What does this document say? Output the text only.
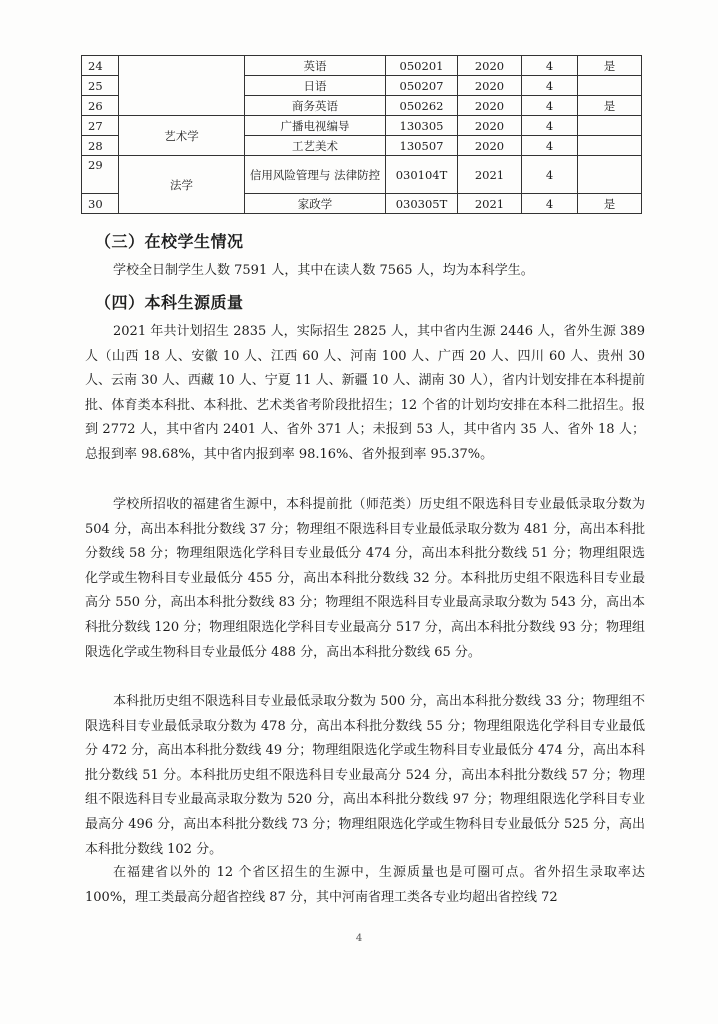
24		英语	050201	2020	4	是
25		日语	050207	2020	4	
26		商务英语	050262	2020	4	是
27	艺术学	广播电视编导	130305	2020	4	
28		工艺美术	130507	2020	4	
29	法学	信用风险管理与 法律防控	030104T	2021	4	
30		家政学	030305T	2021	4	是
（三）在校学生情况

学校全日制学生人数 7591 人，其中在读人数 7565 人，均为本科学生。

（四）本科生源质量

2021 年共计划招生 2835 人，实际招生 2825 人，其中省内生源 2446 人，省外生源 389 人（山西 18 人、安徽 10 人、江西 60 人、河南 100 人、广西 20 人、四川 60 人、贵州 30 人、云南 30 人、西藏 10 人、宁夏 11 人、新疆 10 人、湖南 30 人），省内计划安排在本科提前批、体育类本科批、本科批、艺术类省考阶段批招生；12 个省的计划均安排在本科二批招生。报到 2772 人，其中省内 2401 人、省外 371 人；未报到 53 人，其中省内 35 人、省外 18 人；总报到率 98.68%，其中省内报到率 98.16%、省外报到率 95.37%。

学校所招收的福建省生源中，本科提前批（师范类）历史组不限选科目专业最低录取分数为 504 分，高出本科批分数线 37 分；物理组不限选科目专业最低录取分数为 481 分，高出本科批分数线 58 分；物理组限选化学科目专业最低分 474 分，高出本科批分数线 51 分；物理组限选化学或生物科目专业最低分 455 分，高出本科批分数线 32 分。本科批历史组不限选科目专业最高分 550 分，高出本科批分数线 83 分；物理组不限选科目专业最高录取分数为 543 分，高出本科批分数线 120 分；物理组限选化学科目专业最高分 517 分，高出本科批分数线 93 分；物理组限选化学或生物科目专业最低分 488 分，高出本科批分数线 65 分。

本科批历史组不限选科目专业最低录取分数为 500 分，高出本科批分数线 33 分；物理组不限选科目专业最低录取分数为 478 分，高出本科批分数线 55 分；物理组限选化学科目专业最低分 472 分，高出本科批分数线 49 分；物理组限选化学或生物科目专业最低分 474 分，高出本科批分数线 51 分。本科批历史组不限选科目专业最高分 524 分，高出本科批分数线 57 分；物理组不限选科目专业最高录取分数为 520 分，高出本科批分数线 97 分；物理组限选化学科目专业最高分 496 分，高出本科批分数线 73 分；物理组限选化学或生物科目专业最低分 525 分，高出本科批分数线 102 分。

在福建省以外的 12 个省区招生的生源中，生源质量也是可圈可点。省外招生录取率达 100%，理工类最高分超省控线 87 分，其中河南省理工类各专业均超出省控线 72

4
